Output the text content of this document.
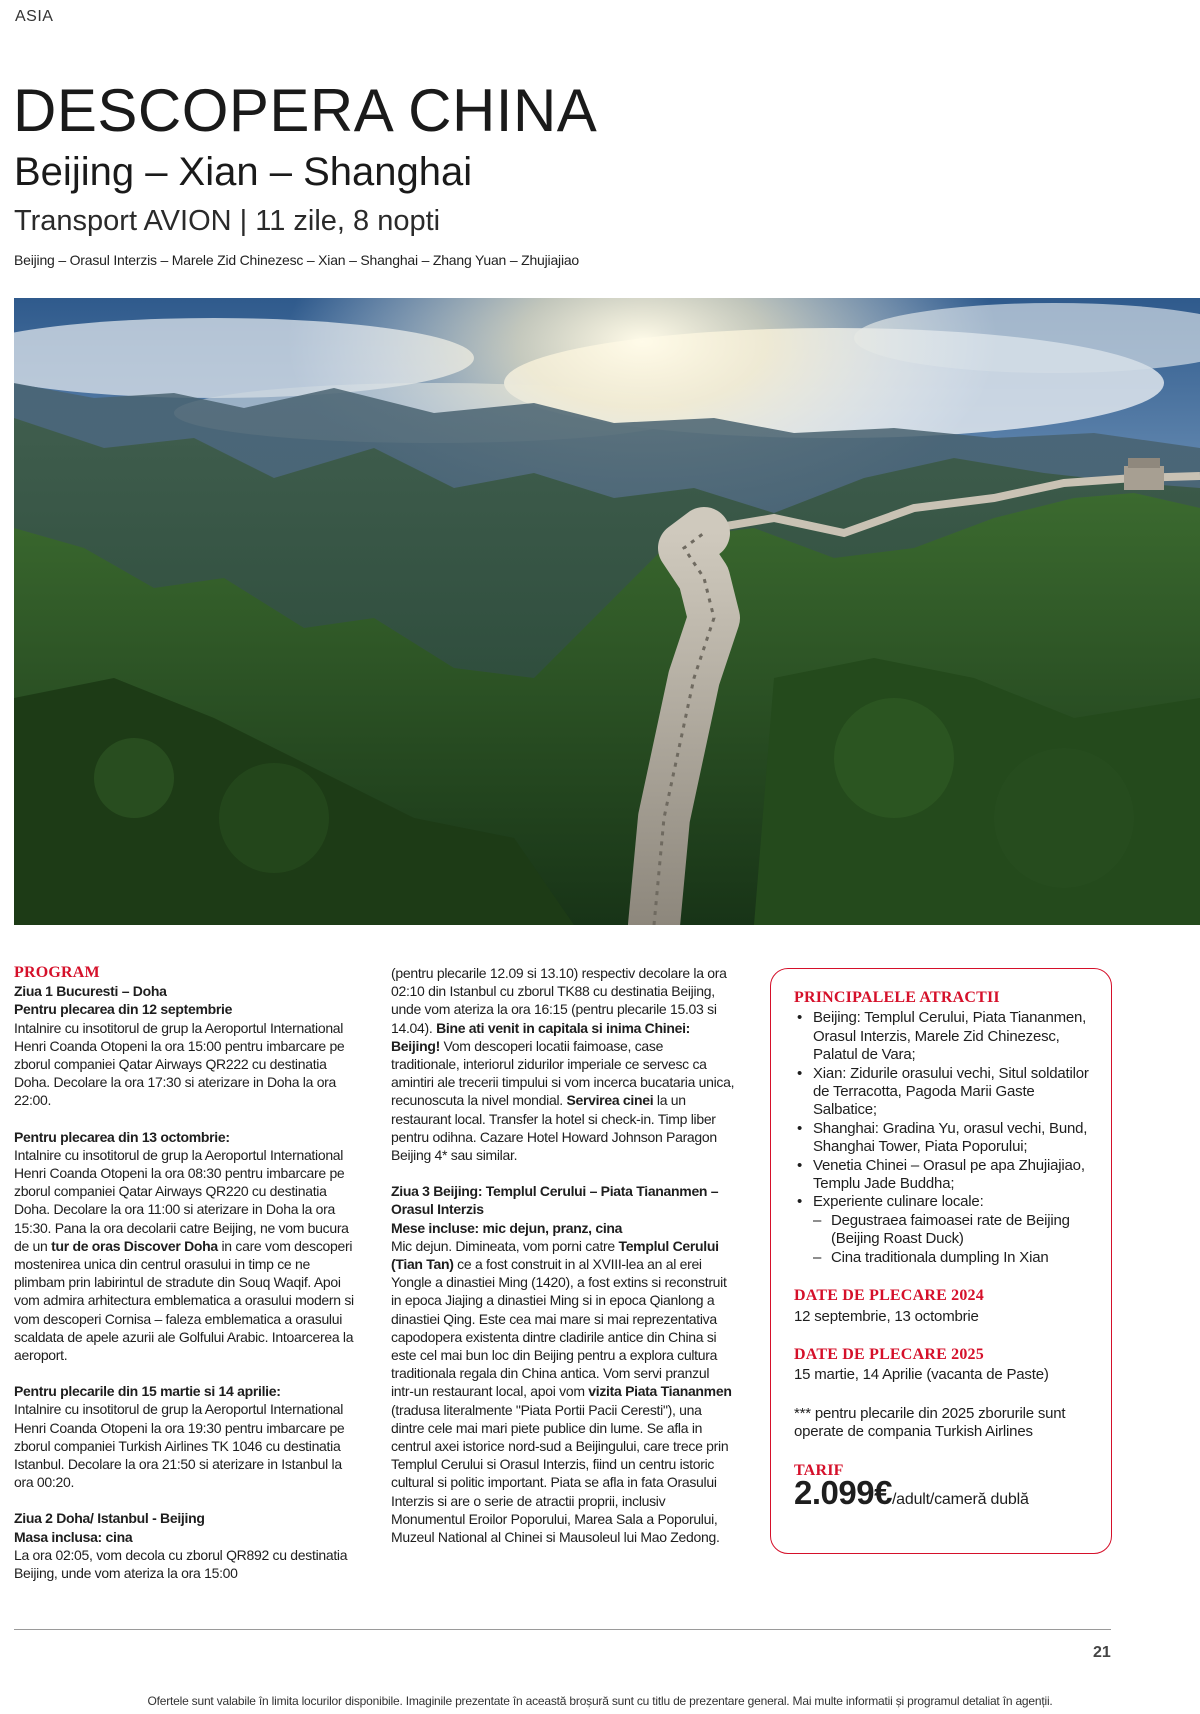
ASIA
DESCOPERA CHINA
Beijing – Xian – Shanghai
Transport AVION | 11 zile, 8 nopti
Beijing – Orasul Interzis – Marele Zid Chinezesc – Xian – Shanghai – Zhang Yuan – Zhujiajiao

PROGRAM

Ziua 1 Bucuresti – Doha

Pentru plecarea din 12 septembrie

Intalnire cu insotitorul de grup la Aeroportul International Henri Coanda Otopeni la ora 15:00 pentru imbarcare pe zborul companiei Qatar Airways QR222 cu destinatia Doha. Decolare la ora 17:30 si aterizare in Doha la ora 22:00.

Pentru plecarea din 13 octombrie:

Intalnire cu insotitorul de grup la Aeroportul International Henri Coanda Otopeni la ora 08:30 pentru imbarcare pe zborul companiei Qatar Airways QR220 cu destinatia Doha. Decolare la ora 11:00 si aterizare in Doha la ora 15:30. Pana la ora decolarii catre Beijing, ne vom bucura de un tur de oras Discover Doha in care vom descoperi mostenirea unica din centrul orasului in timp ce ne plimbam prin labirintul de stradute din Souq Waqif. Apoi vom admira arhitectura emblematica a orasului modern si vom descoperi Cornisa – faleza emblematica a orasului scaldata de apele azurii ale Golfului Arabic. Intoarcerea la aeroport.

Pentru plecarile din 15 martie si 14 aprilie:

Intalnire cu insotitorul de grup la Aeroportul International Henri Coanda Otopeni la ora 19:30 pentru imbarcare pe zborul companiei Turkish Airlines TK 1046 cu destinatia Istanbul. Decolare la ora 21:50 si aterizare in Istanbul la ora 00:20.

Ziua 2 Doha/ Istanbul - Beijing

Masa inclusa: cina

La ora 02:05, vom decola cu zborul QR892 cu destinatia Beijing, unde vom ateriza la ora 15:00

(pentru plecarile 12.09 si 13.10) respectiv decolare la ora 02:10 din Istanbul cu zborul TK88 cu destinatia Beijing, unde vom ateriza la ora 16:15 (pentru plecarile 15.03 si 14.04). Bine ati venit in capitala si inima Chinei: Beijing! Vom descoperi locatii faimoase, case traditionale, interiorul zidurilor imperiale ce servesc ca amintiri ale trecerii timpului si vom incerca bucataria unica, recunoscuta la nivel mondial. Servirea cinei la un restaurant local. Transfer la hotel si check-in. Timp liber pentru odihna. Cazare Hotel Howard Johnson Paragon Beijing 4* sau similar.

Ziua 3 Beijing: Templul Cerului – Piata Tiananmen – Orasul Interzis

Mese incluse: mic dejun, pranz, cina

Mic dejun. Dimineata, vom porni catre Templul Cerului (Tian Tan) ce a fost construit in al XVIII-lea an al erei Yongle a dinastiei Ming (1420), a fost extins si reconstruit in epoca Jiajing a dinastiei Ming si in epoca Qianlong a dinastiei Qing. Este cea mai mare si mai reprezentativa capodopera existenta dintre cladirile antice din China si este cel mai bun loc din Beijing pentru a explora cultura traditionala regala din China antica. Vom servi pranzul intr-un restaurant local, apoi vom vizita Piata Tiananmen (tradusa literalmente "Piata Portii Pacii Ceresti"), una dintre cele mai mari piete publice din lume. Se afla in centrul axei istorice nord-sud a Beijingului, care trece prin Templul Cerului si Orasul Interzis, fiind un centru istoric cultural si politic important. Piata se afla in fata Orasului Interzis si are o serie de atractii proprii, inclusiv Monumentul Eroilor Poporului, Marea Sala a Poporului, Muzeul National al Chinei si Mausoleul lui Mao Zedong.

PRINCIPALELE ATRACTII
• Beijing: Templul Cerului, Piata Tiananmen, Orasul Interzis, Marele Zid Chinezesc, Palatul de Vara;
• Xian: Zidurile orasului vechi, Situl soldatilor de Terracotta, Pagoda Marii Gaste Salbatice;
• Shanghai: Gradina Yu, orasul vechi, Bund, Shanghai Tower, Piata Poporului;
• Venetia Chinei – Orasul pe apa Zhujiajiao, Templu Jade Buddha;
• Experiente culinare locale:
– Degustraea faimoasei rate de Beijing (Beijing Roast Duck)
– Cina traditionala dumpling In Xian
DATE DE PLECARE 2024
12 septembrie, 13 octombrie
DATE DE PLECARE 2025
15 martie, 14 Aprilie (vacanta de Paste)
*** pentru plecarile din 2025 zborurile sunt operate de compania Turkish Airlines
TARIF
2.099€/adult/cameră dublă
21
Ofertele sunt valabile în limita locurilor disponibile. Imaginile prezentate în această broșură sunt cu titlu de prezentare general. Mai multe informatii și programul detaliat în agenții.
